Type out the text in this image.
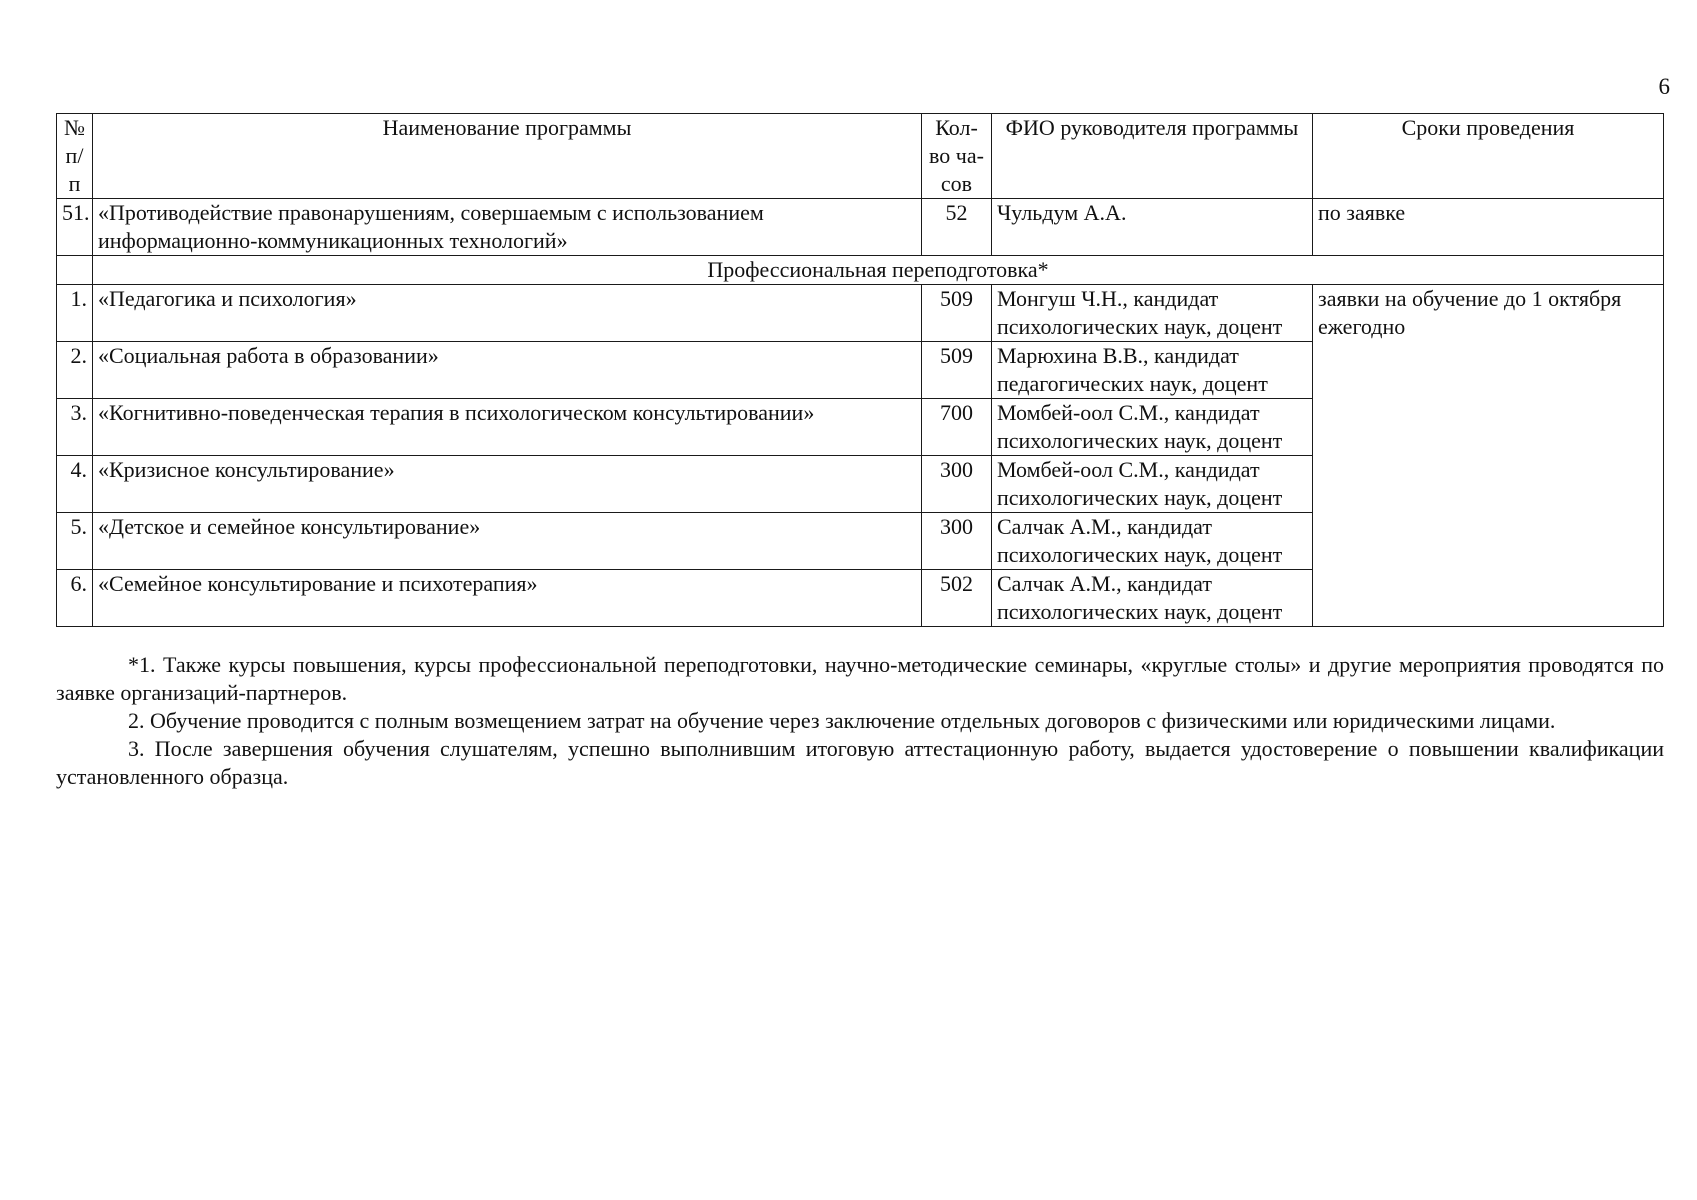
6
№ п/п	Наименование программы	Кол-во ча-сов	ФИО руководителя программы	Сроки проведения
51.	«Противодействие правонарушениям, совершаемым с использованием информационно-коммуникационных технологий»	52	Чульдум А.А.	по заявке
	Профессиональная переподготовка*			
1.	«Педагогика и психология»	509	Монгуш Ч.Н., кандидат психологических наук, доцент	заявки на обучение до 1 октября ежегодно
2.	«Социальная работа в образовании»	509	Марюхина В.В., кандидат педагогических наук, доцент	
3.	«Когнитивно-поведенческая терапия в психологическом консультировании»	700	Момбей-оол С.М., кандидат психологических наук, доцент	
4.	«Кризисное консультирование»	300	Момбей-оол С.М., кандидат психологических наук, доцент	
5.	«Детское и семейное консультирование»	300	Салчак А.М., кандидат психологических наук, доцент	
6.	«Семейное консультирование и психотерапия»	502	Салчак А.М., кандидат психологических наук, доцент	

*1. Также курсы повышения, курсы профессиональной переподготовки, научно-методические семинары, «круглые столы» и другие мероприятия проводятся по заявке организаций-партнеров.

2. Обучение проводится с полным возмещением затрат на обучение через заключение отдельных договоров с физическими или юридическими лицами.

3. После завершения обучения слушателям, успешно выполнившим итоговую аттестационную работу, выдается удостоверение о повышении квалификации установленного образца.
